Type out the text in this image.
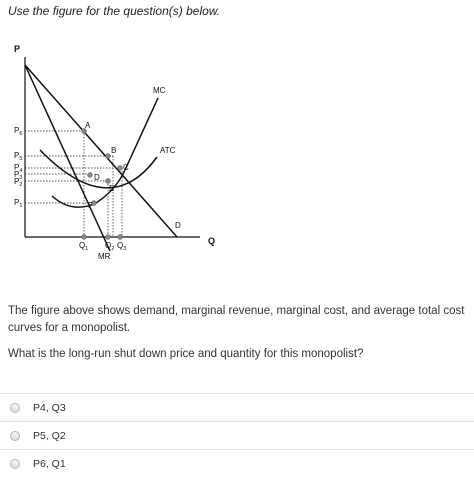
Use the figure for the question(s) below.
P
Q
MC
ATC
D
MR
A
B
C
D
E
F
$P_6$
$P_5$
$P_4$
$P_3$
$P_2$
$P_1$
$Q_1$ $Q_2$ $Q_3$
The figure above shows demand, marginal revenue, marginal cost, and average total cost curves for a monopolist.
What is the long-run shut down price and quantity for this monopolist?
P4, Q3
P5, Q2
P6, Q1
